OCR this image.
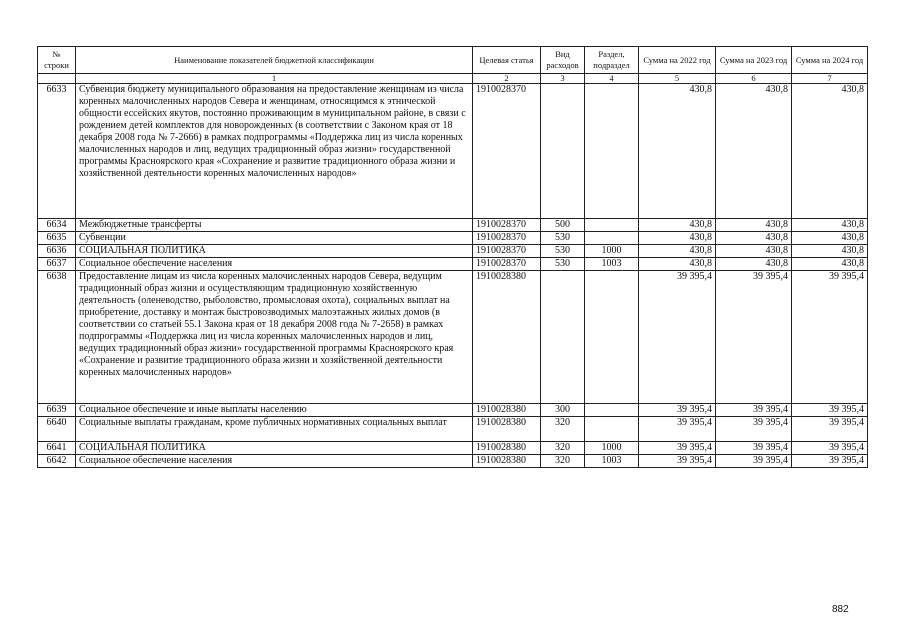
№ строки	Наименование показателей бюджетной классификации	Целевая статья	Вид расходов	Раздел, подраздел	Сумма на 2022 год	Сумма на 2023 год	Сумма на 2024 год
	1	2	3	4	5	6	7
6633	Субвенция бюджету муниципального образования на предоставление женщинам из числа коренных малочисленных народов Севера и женщинам, относящимся к этнической общности ессейских якутов, постоянно проживающим в муниципальном районе, в связи с рождением детей комплектов для новорожденных (в соответствии с Законом края от 18 декабря 2008 года № 7-2666) в рамках подпрограммы «Поддержка лиц из числа коренных малочисленных народов и лиц, ведущих традиционный образ жизни» государственной программы Красноярского края «Сохранение и развитие традиционного образа жизни и хозяйственной деятельности коренных малочисленных народов»	1910028370			430,8	430,8	430,8
6634	Межбюджетные трансферты	1910028370	500		430,8	430,8	430,8
6635	Субвенции	1910028370	530		430,8	430,8	430,8
6636	СОЦИАЛЬНАЯ ПОЛИТИКА	1910028370	530	1000	430,8	430,8	430,8
6637	Социальное обеспечение населения	1910028370	530	1003	430,8	430,8	430,8
6638	Предоставление лицам из числа коренных малочисленных народов Севера, ведущим традиционный образ жизни и осуществляющим традиционную хозяйственную деятельность (оленеводство, рыболовство, промысловая охота), социальных выплат на приобретение, доставку и монтаж быстровозводимых малоэтажных жилых домов (в соответствии со статьей 55.1 Закона края от 18 декабря 2008 года № 7-2658) в рамках подпрограммы «Поддержка лиц из числа коренных малочисленных народов и лиц, ведущих традиционный образ жизни» государственной программы Красноярского края «Сохранение и развитие традиционного образа жизни и хозяйственной деятельности коренных малочисленных народов»	1910028380			39 395,4	39 395,4	39 395,4
6639	Социальное обеспечение и иные выплаты населению	1910028380	300		39 395,4	39 395,4	39 395,4
6640	Социальные выплаты гражданам, кроме публичных нормативных социальных выплат	1910028380	320		39 395,4	39 395,4	39 395,4
6641	СОЦИАЛЬНАЯ ПОЛИТИКА	1910028380	320	1000	39 395,4	39 395,4	39 395,4
6642	Социальное обеспечение населения	1910028380	320	1003	39 395,4	39 395,4	39 395,4
882
